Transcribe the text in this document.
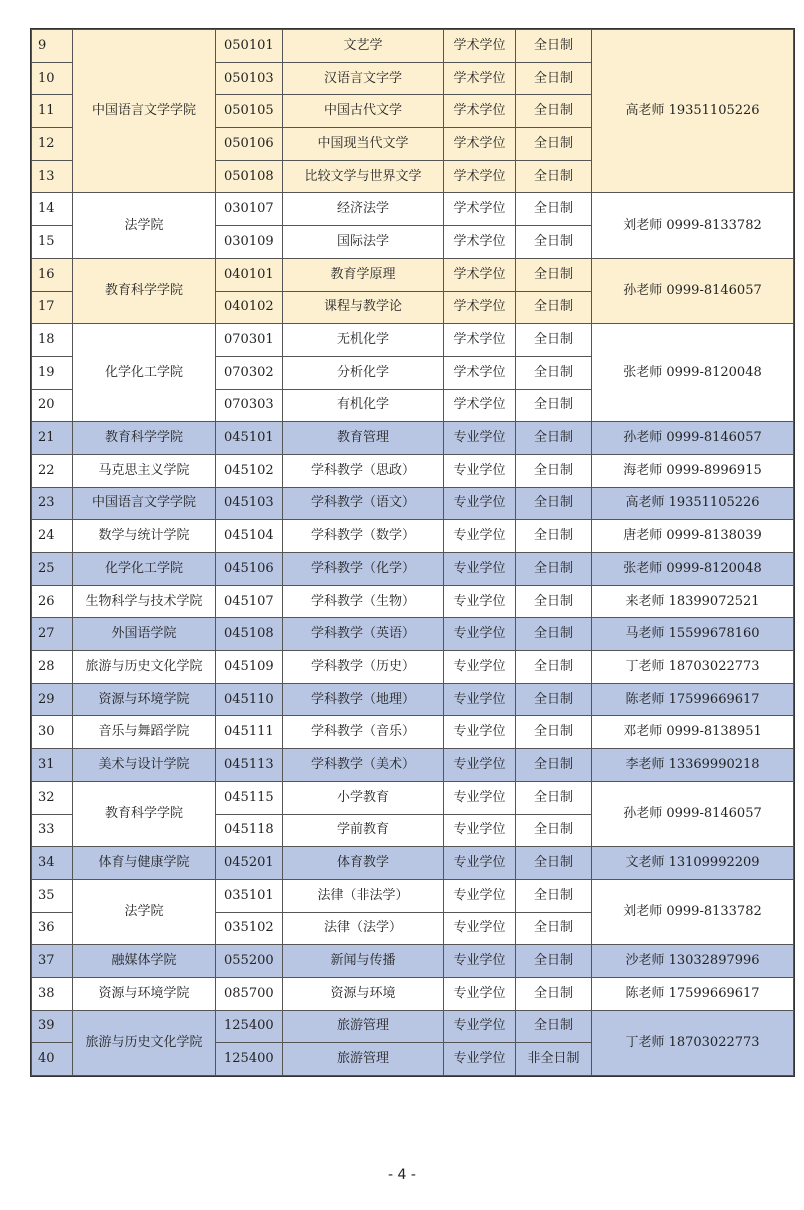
9	中国语言文学学院	050101	文艺学	学术学位	全日制	高老师 19351105226
10		050103	汉语言文字学	学术学位	全日制	
11		050105	中国古代文学	学术学位	全日制	
12		050106	中国现当代文学	学术学位	全日制	
13		050108	比较文学与世界文学	学术学位	全日制	
14	法学院	030107	经济法学	学术学位	全日制	刘老师 0999-8133782
15		030109	国际法学	学术学位	全日制	
16	教育科学学院	040101	教育学原理	学术学位	全日制	孙老师 0999-8146057
17		040102	课程与教学论	学术学位	全日制	
18	化学化工学院	070301	无机化学	学术学位	全日制	张老师 0999-8120048
19		070302	分析化学	学术学位	全日制	
20		070303	有机化学	学术学位	全日制	
21	教育科学学院	045101	教育管理	专业学位	全日制	孙老师 0999-8146057
22	马克思主义学院	045102	学科教学（思政）	专业学位	全日制	海老师 0999-8996915
23	中国语言文学学院	045103	学科教学（语文）	专业学位	全日制	高老师 19351105226
24	数学与统计学院	045104	学科教学（数学）	专业学位	全日制	唐老师 0999-8138039
25	化学化工学院	045106	学科教学（化学）	专业学位	全日制	张老师 0999-8120048
26	生物科学与技术学院	045107	学科教学（生物）	专业学位	全日制	来老师 18399072521
27	外国语学院	045108	学科教学（英语）	专业学位	全日制	马老师 15599678160
28	旅游与历史文化学院	045109	学科教学（历史）	专业学位	全日制	丁老师 18703022773
29	资源与环境学院	045110	学科教学（地理）	专业学位	全日制	陈老师 17599669617
30	音乐与舞蹈学院	045111	学科教学（音乐）	专业学位	全日制	邓老师 0999-8138951
31	美术与设计学院	045113	学科教学（美术）	专业学位	全日制	李老师 13369990218
32	教育科学学院	045115	小学教育	专业学位	全日制	孙老师 0999-8146057
33		045118	学前教育	专业学位	全日制	
34	体育与健康学院	045201	体育教学	专业学位	全日制	文老师 13109992209
35	法学院	035101	法律（非法学）	专业学位	全日制	刘老师 0999-8133782
36		035102	法律（法学）	专业学位	全日制	
37	融媒体学院	055200	新闻与传播	专业学位	全日制	沙老师 13032897996
38	资源与环境学院	085700	资源与环境	专业学位	全日制	陈老师 17599669617
39	旅游与历史文化学院	125400	旅游管理	专业学位	全日制	丁老师 18703022773
40		125400	旅游管理	专业学位	非全日制	
- 4 -
